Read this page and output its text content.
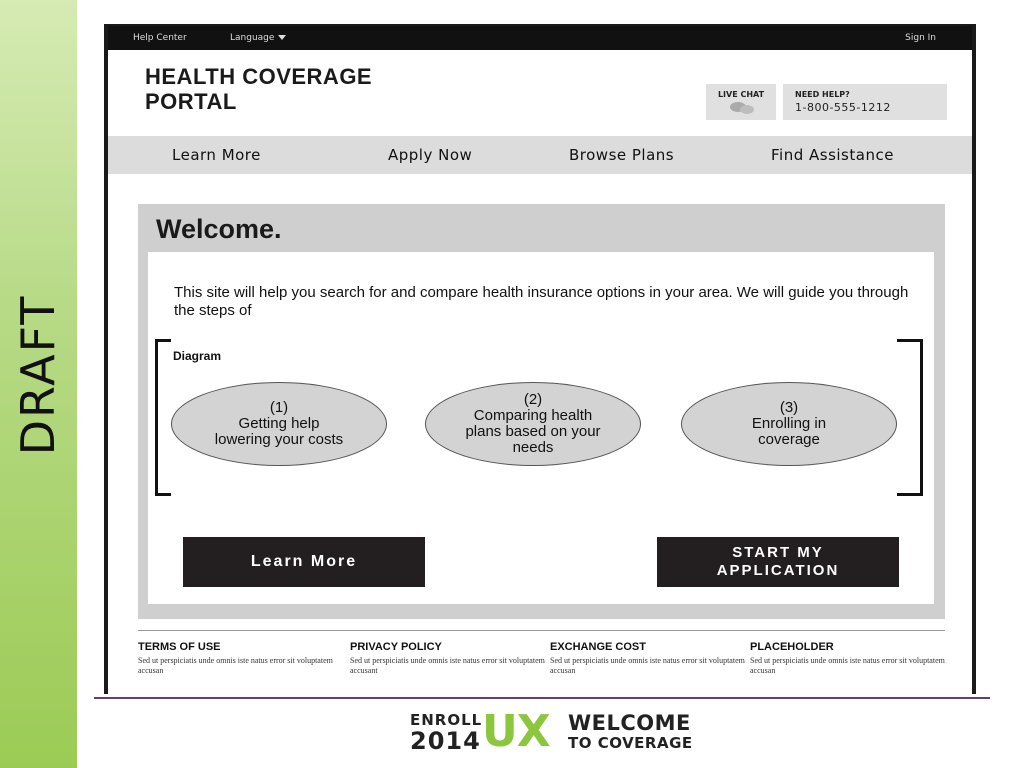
DRAFT
Help Center	Language	Sign In
HEALTH COVERAGE
PORTAL	LIVE CHAT	NEED HELP?
1-800-555-1212
Learn More	Apply Now	Browse Plans	Find Assistance
Welcome.
This site will help you search for and compare health insurance options in your area. We will guide you through the steps of
Diagram
(1)
Getting help lowering your costs
(2)
Comparing health plans based on your needs
(3)
Enrolling in coverage
Learn More
START MY APPLICATION
TERMS OF USE
Sed ut perspiciatis unde omnis iste natus error sit voluptatem accusan
PRIVACY POLICY
Sed ut perspiciatis unde omnis iste natus error sit voluptatem accusant
EXCHANGE COST
Sed ut perspiciatis unde omnis iste natus error sit voluptatem accusan
PLACEHOLDER
Sed ut perspiciatis unde omnis iste natus error sit voluptatem accusan
ENROLL
2014 UX WELCOME
TO COVERAGE
